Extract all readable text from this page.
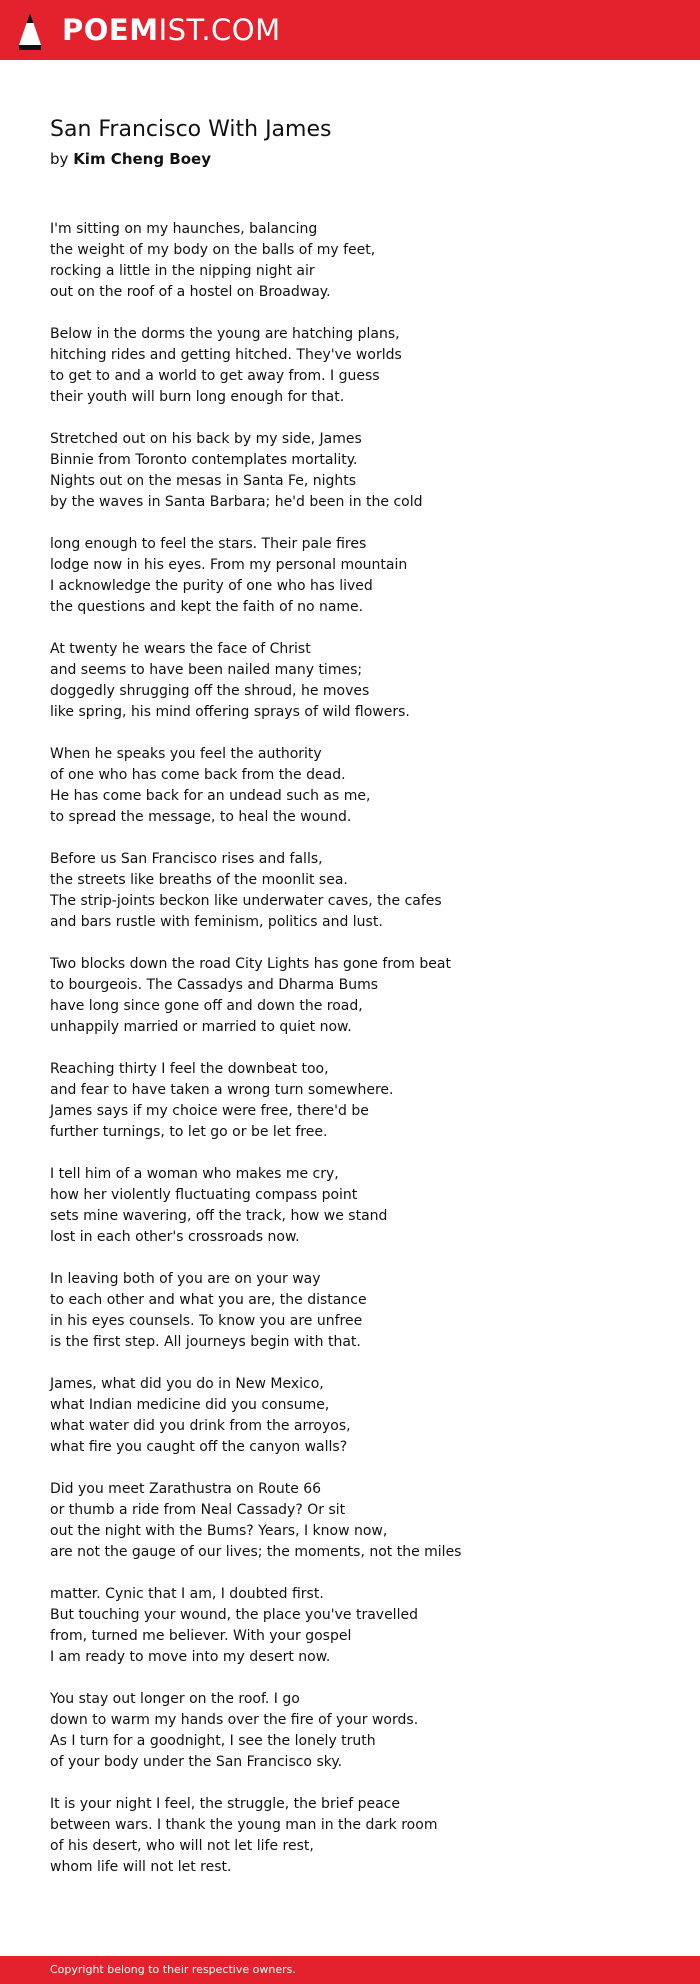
POEMIST.COM
San Francisco With James
by Kim Cheng Boey
I'm sitting on my haunches, balancing
the weight of my body on the balls of my feet,
rocking a little in the nipping night air
out on the roof of a hostel on Broadway.
Below in the dorms the young are hatching plans,
hitching rides and getting hitched. They've worlds
to get to and a world to get away from. I guess
their youth will burn long enough for that.
Stretched out on his back by my side, James
Binnie from Toronto contemplates mortality.
Nights out on the mesas in Santa Fe, nights
by the waves in Santa Barbara; he'd been in the cold
long enough to feel the stars. Their pale fires
lodge now in his eyes. From my personal mountain
I acknowledge the purity of one who has lived
the questions and kept the faith of no name.
At twenty he wears the face of Christ
and seems to have been nailed many times;
doggedly shrugging off the shroud, he moves
like spring, his mind offering sprays of wild flowers.
When he speaks you feel the authority
of one who has come back from the dead.
He has come back for an undead such as me,
to spread the message, to heal the wound.
Before us San Francisco rises and falls,
the streets like breaths of the moonlit sea.
The strip-joints beckon like underwater caves, the cafes
and bars rustle with feminism, politics and lust.
Two blocks down the road City Lights has gone from beat
to bourgeois. The Cassadys and Dharma Bums
have long since gone off and down the road,
unhappily married or married to quiet now.
Reaching thirty I feel the downbeat too,
and fear to have taken a wrong turn somewhere.
James says if my choice were free, there'd be
further turnings, to let go or be let free.
I tell him of a woman who makes me cry,
how her violently fluctuating compass point
sets mine wavering, off the track, how we stand
lost in each other's crossroads now.
In leaving both of you are on your way
to each other and what you are, the distance
in his eyes counsels. To know you are unfree
is the first step. All journeys begin with that.
James, what did you do in New Mexico,
what Indian medicine did you consume,
what water did you drink from the arroyos,
what fire you caught off the canyon walls?
Did you meet Zarathustra on Route 66
or thumb a ride from Neal Cassady? Or sit
out the night with the Bums? Years, I know now,
are not the gauge of our lives; the moments, not the miles
matter. Cynic that I am, I doubted first.
But touching your wound, the place you've travelled
from, turned me believer. With your gospel
I am ready to move into my desert now.
You stay out longer on the roof. I go
down to warm my hands over the fire of your words.
As I turn for a goodnight, I see the lonely truth
of your body under the San Francisco sky.
It is your night I feel, the struggle, the brief peace
between wars. I thank the young man in the dark room
of his desert, who will not let life rest,
whom life will not let rest.
Copyright belong to their respective owners.
